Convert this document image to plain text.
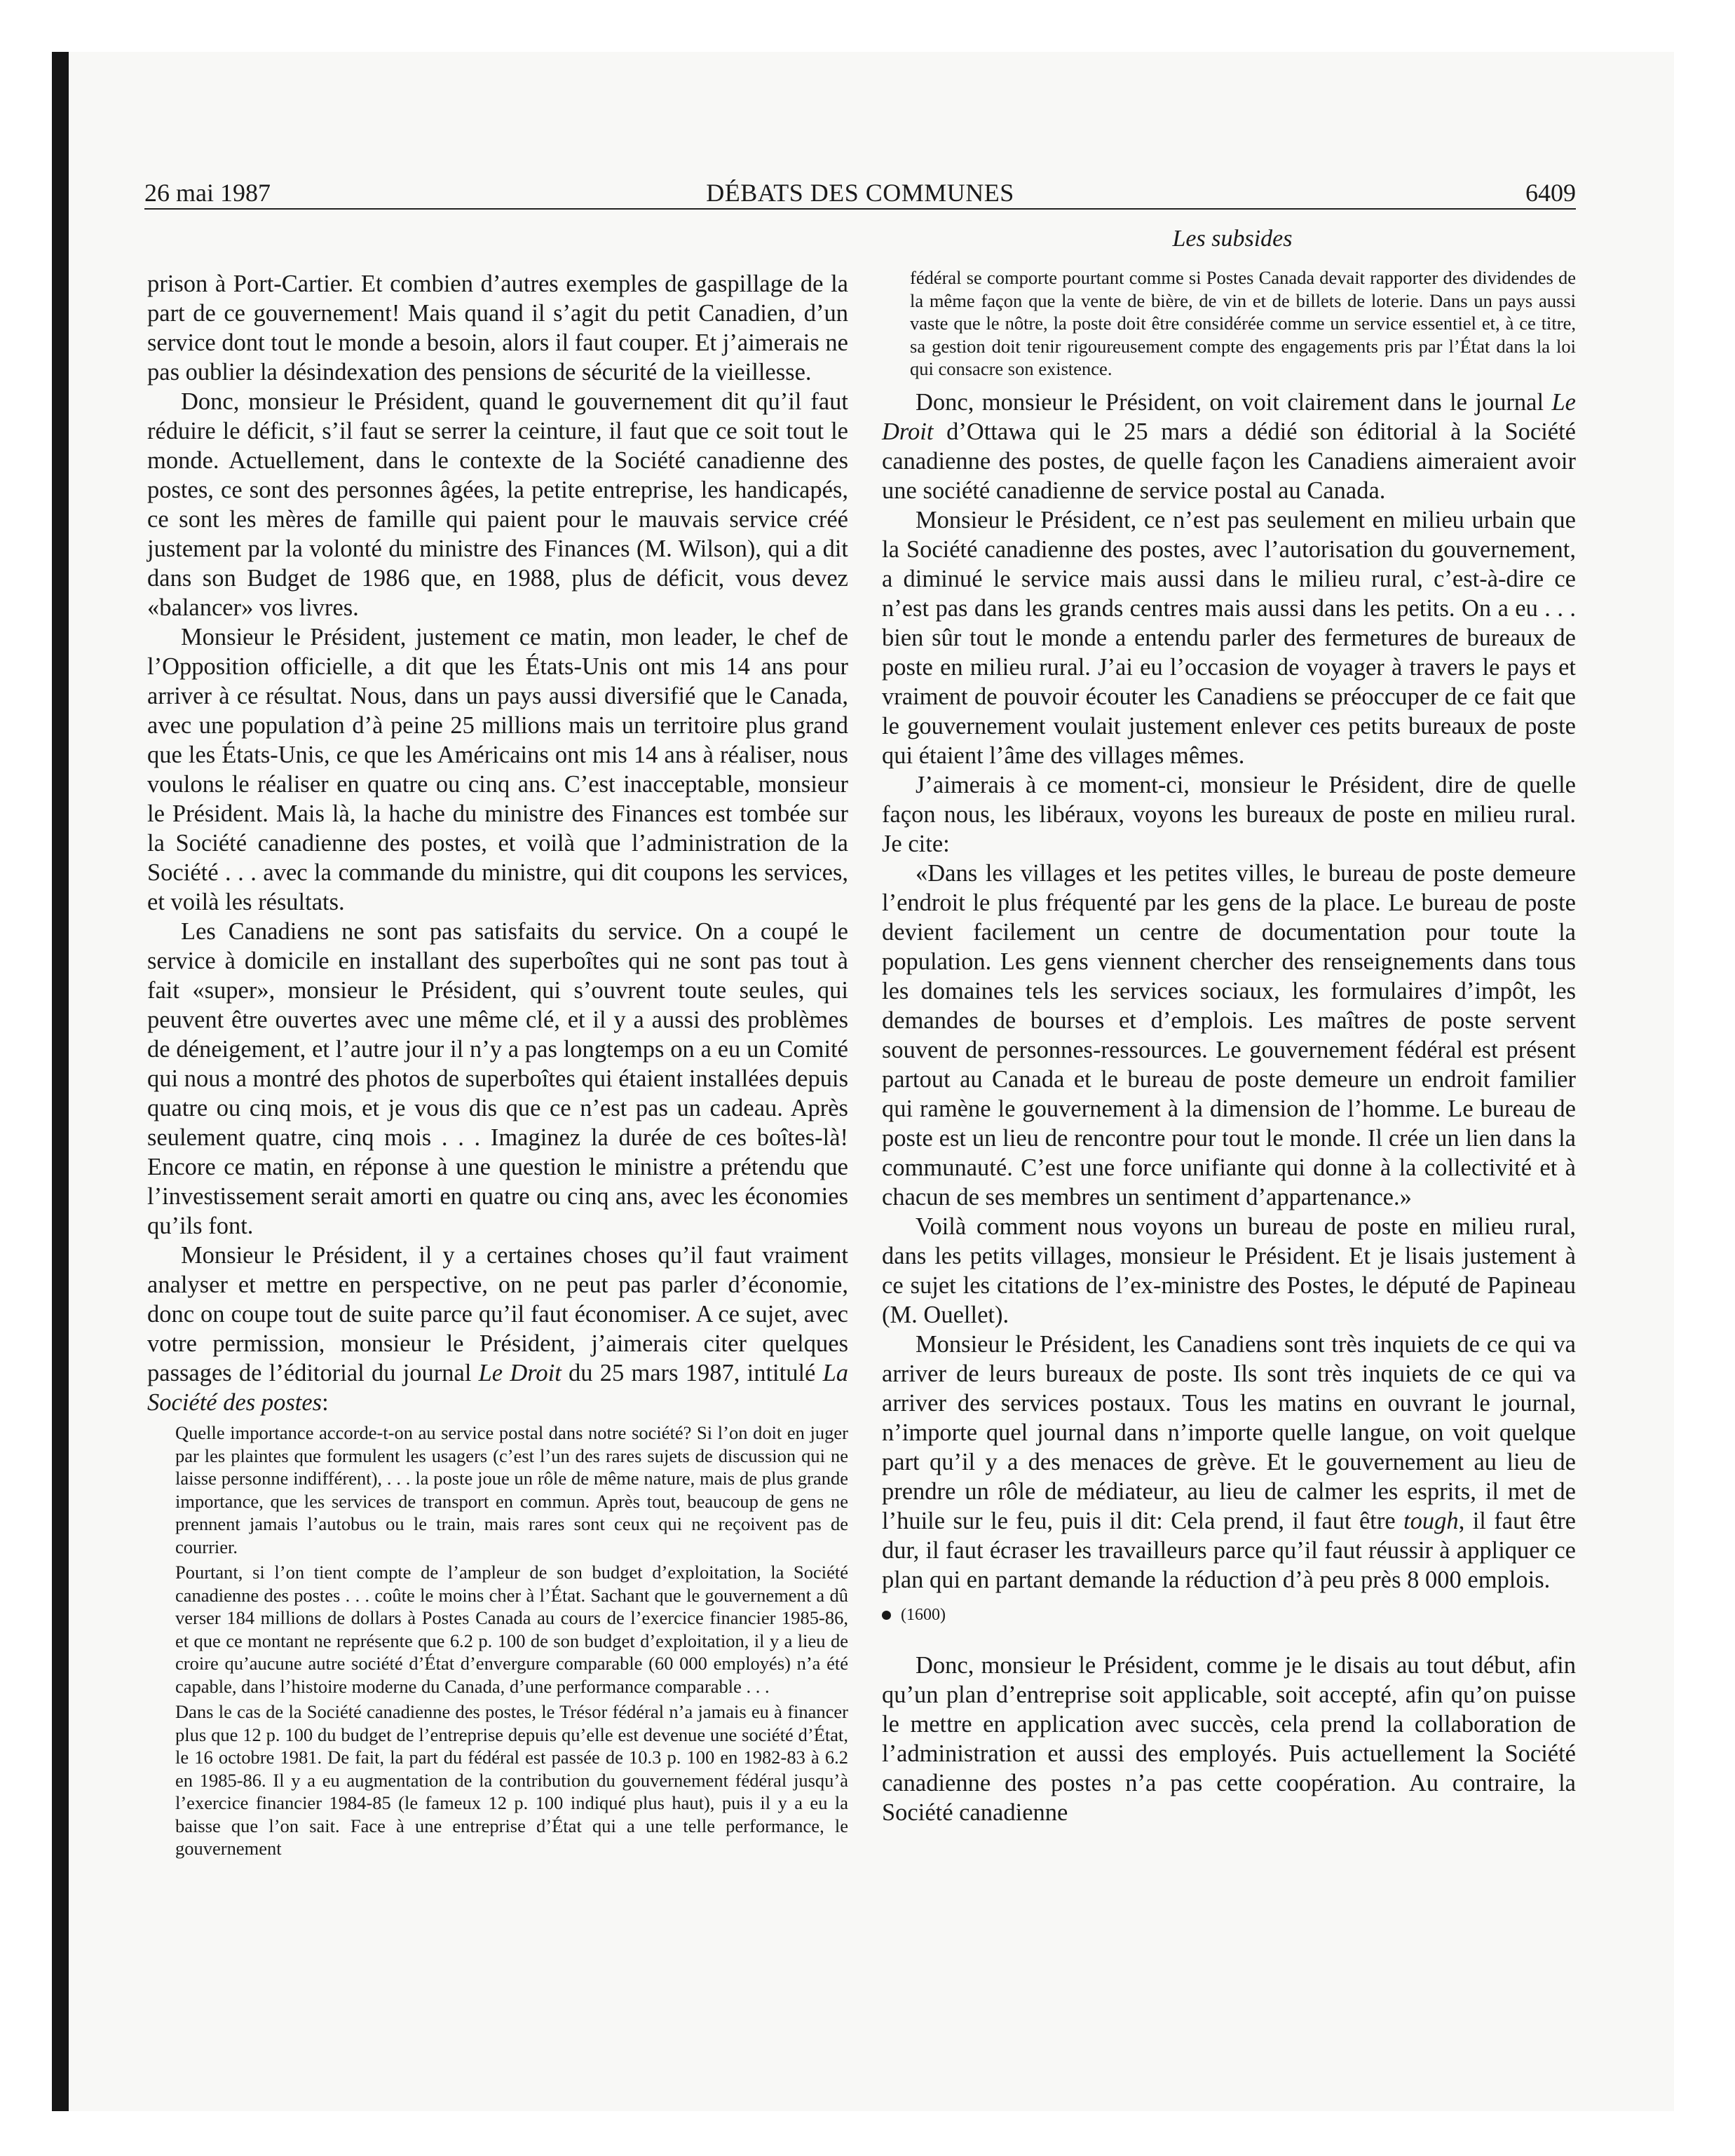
26 mai 1987	DÉBATS DES COMMUNES	6409
Les subsides

prison à Port-Cartier. Et combien d’autres exemples de gaspillage de la part de ce gouvernement! Mais quand il s’agit du petit Canadien, d’un service dont tout le monde a besoin, alors il faut couper. Et j’aimerais ne pas oublier la désindexation des pensions de sécurité de la vieillesse.

Donc, monsieur le Président, quand le gouvernement dit qu’il faut réduire le déficit, s’il faut se serrer la ceinture, il faut que ce soit tout le monde. Actuellement, dans le contexte de la Société canadienne des postes, ce sont des personnes âgées, la petite entreprise, les handicapés, ce sont les mères de famille qui paient pour le mauvais service créé justement par la volonté du ministre des Finances (M. Wilson), qui a dit dans son Budget de 1986 que, en 1988, plus de déficit, vous devez «balancer» vos livres.

Monsieur le Président, justement ce matin, mon leader, le chef de l’Opposition officielle, a dit que les États-Unis ont mis 14 ans pour arriver à ce résultat. Nous, dans un pays aussi diversifié que le Canada, avec une population d’à peine 25 millions mais un territoire plus grand que les États-Unis, ce que les Américains ont mis 14 ans à réaliser, nous voulons le réaliser en quatre ou cinq ans. C’est inacceptable, monsieur le Président. Mais là, la hache du ministre des Finances est tombée sur la Société canadienne des postes, et voilà que l’administration de la Société . . . avec la commande du ministre, qui dit coupons les services, et voilà les résultats.

Les Canadiens ne sont pas satisfaits du service. On a coupé le service à domicile en installant des superboîtes qui ne sont pas tout à fait «super», monsieur le Président, qui s’ouvrent toute seules, qui peuvent être ouvertes avec une même clé, et il y a aussi des problèmes de déneigement, et l’autre jour il n’y a pas longtemps on a eu un Comité qui nous a montré des photos de superboîtes qui étaient installées depuis quatre ou cinq mois, et je vous dis que ce n’est pas un cadeau. Après seulement quatre, cinq mois . . . Imaginez la durée de ces boîtes-là! Encore ce matin, en réponse à une question le ministre a prétendu que l’investissement serait amorti en quatre ou cinq ans, avec les économies qu’ils font.

Monsieur le Président, il y a certaines choses qu’il faut vraiment analyser et mettre en perspective, on ne peut pas parler d’économie, donc on coupe tout de suite parce qu’il faut économiser. A ce sujet, avec votre permission, monsieur le Président, j’aimerais citer quelques passages de l’éditorial du journal Le Droit du 25 mars 1987, intitulé La Société des postes:

Quelle importance accorde-t-on au service postal dans notre société? Si l’on doit en juger par les plaintes que formulent les usagers (c’est l’un des rares sujets de discussion qui ne laisse personne indifférent), . . . la poste joue un rôle de même nature, mais de plus grande importance, que les services de transport en commun. Après tout, beaucoup de gens ne prennent jamais l’autobus ou le train, mais rares sont ceux qui ne reçoivent pas de courrier.

Pourtant, si l’on tient compte de l’ampleur de son budget d’exploitation, la Société canadienne des postes . . . coûte le moins cher à l’État. Sachant que le gouvernement a dû verser 184 millions de dollars à Postes Canada au cours de l’exercice financier 1985-86, et que ce montant ne représente que 6.2 p. 100 de son budget d’exploitation, il y a lieu de croire qu’aucune autre société d’État d’envergure comparable (60 000 employés) n’a été capable, dans l’histoire moderne du Canada, d’une performance comparable . . .

Dans le cas de la Société canadienne des postes, le Trésor fédéral n’a jamais eu à financer plus que 12 p. 100 du budget de l’entreprise depuis qu’elle est devenue une société d’État, le 16 octobre 1981. De fait, la part du fédéral est passée de 10.3 p. 100 en 1982-83 à 6.2 en 1985-86. Il y a eu augmentation de la contribution du gouvernement fédéral jusqu’à l’exercice financier 1984-85 (le fameux 12 p. 100 indiqué plus haut), puis il y a eu la baisse que l’on sait. Face à une entreprise d’État qui a une telle performance, le gouvernement

fédéral se comporte pourtant comme si Postes Canada devait rapporter des dividendes de la même façon que la vente de bière, de vin et de billets de loterie. Dans un pays aussi vaste que le nôtre, la poste doit être considérée comme un service essentiel et, à ce titre, sa gestion doit tenir rigoureusement compte des engagements pris par l’État dans la loi qui consacre son existence.

Donc, monsieur le Président, on voit clairement dans le journal Le Droit d’Ottawa qui le 25 mars a dédié son éditorial à la Société canadienne des postes, de quelle façon les Canadiens aimeraient avoir une société canadienne de service postal au Canada.

Monsieur le Président, ce n’est pas seulement en milieu urbain que la Société canadienne des postes, avec l’autorisation du gouvernement, a diminué le service mais aussi dans le milieu rural, c’est-à-dire ce n’est pas dans les grands centres mais aussi dans les petits. On a eu . . . bien sûr tout le monde a entendu parler des fermetures de bureaux de poste en milieu rural. J’ai eu l’occasion de voyager à travers le pays et vraiment de pouvoir écouter les Canadiens se préoccuper de ce fait que le gouvernement voulait justement enlever ces petits bureaux de poste qui étaient l’âme des villages mêmes.

J’aimerais à ce moment-ci, monsieur le Président, dire de quelle façon nous, les libéraux, voyons les bureaux de poste en milieu rural. Je cite:

«Dans les villages et les petites villes, le bureau de poste demeure l’endroit le plus fréquenté par les gens de la place. Le bureau de poste devient facilement un centre de documentation pour toute la population. Les gens viennent chercher des renseignements dans tous les domaines tels les services sociaux, les formulaires d’impôt, les demandes de bourses et d’emplois. Les maîtres de poste servent souvent de personnes-ressources. Le gouvernement fédéral est présent partout au Canada et le bureau de poste demeure un endroit familier qui ramène le gouvernement à la dimension de l’homme. Le bureau de poste est un lieu de rencontre pour tout le monde. Il crée un lien dans la communauté. C’est une force unifiante qui donne à la collectivité et à chacun de ses membres un sentiment d’appartenance.»

Voilà comment nous voyons un bureau de poste en milieu rural, dans les petits villages, monsieur le Président. Et je lisais justement à ce sujet les citations de l’ex-ministre des Postes, le député de Papineau (M. Ouellet).

Monsieur le Président, les Canadiens sont très inquiets de ce qui va arriver de leurs bureaux de poste. Ils sont très inquiets de ce qui va arriver des services postaux. Tous les matins en ouvrant le journal, n’importe quel journal dans n’importe quelle langue, on voit quelque part qu’il y a des menaces de grève. Et le gouvernement au lieu de prendre un rôle de médiateur, au lieu de calmer les esprits, il met de l’huile sur le feu, puis il dit: Cela prend, il faut être tough, il faut être dur, il faut écraser les travailleurs parce qu’il faut réussir à appliquer ce plan qui en partant demande la réduction d’à peu près 8 000 emplois.

(1600)

Donc, monsieur le Président, comme je le disais au tout début, afin qu’un plan d’entreprise soit applicable, soit accepté, afin qu’on puisse le mettre en application avec succès, cela prend la collaboration de l’administration et aussi des employés. Puis actuellement la Société canadienne des postes n’a pas cette coopération. Au contraire, la Société canadienne
